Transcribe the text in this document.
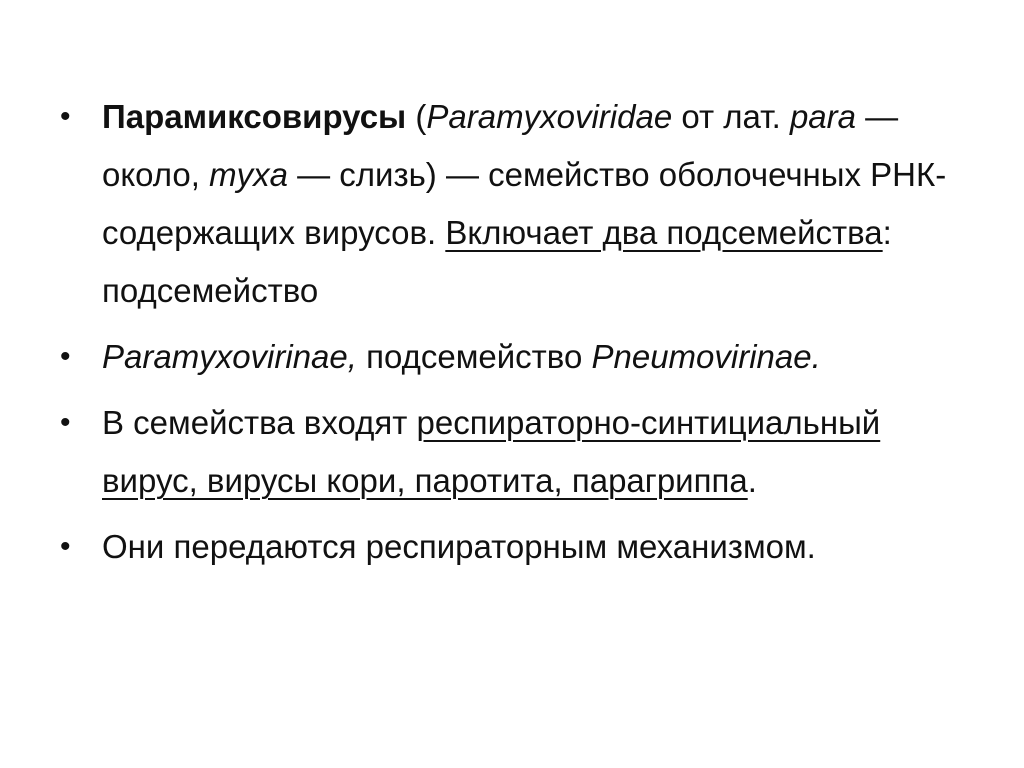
• Парамиксовирусы (Paramyxoviridae от лат. para — около, myxa — слизь) — семейство оболочечных РНК-содержащих вирусов. Включает два подсемейства: подсемейство
• Paramyxovirinae, подсемейство Pneumovirinae.
• В семейства входят респираторно-синтициальный вирус, вирусы кори, паротита, парагриппа.
• Они передаются респираторным механизмом.
